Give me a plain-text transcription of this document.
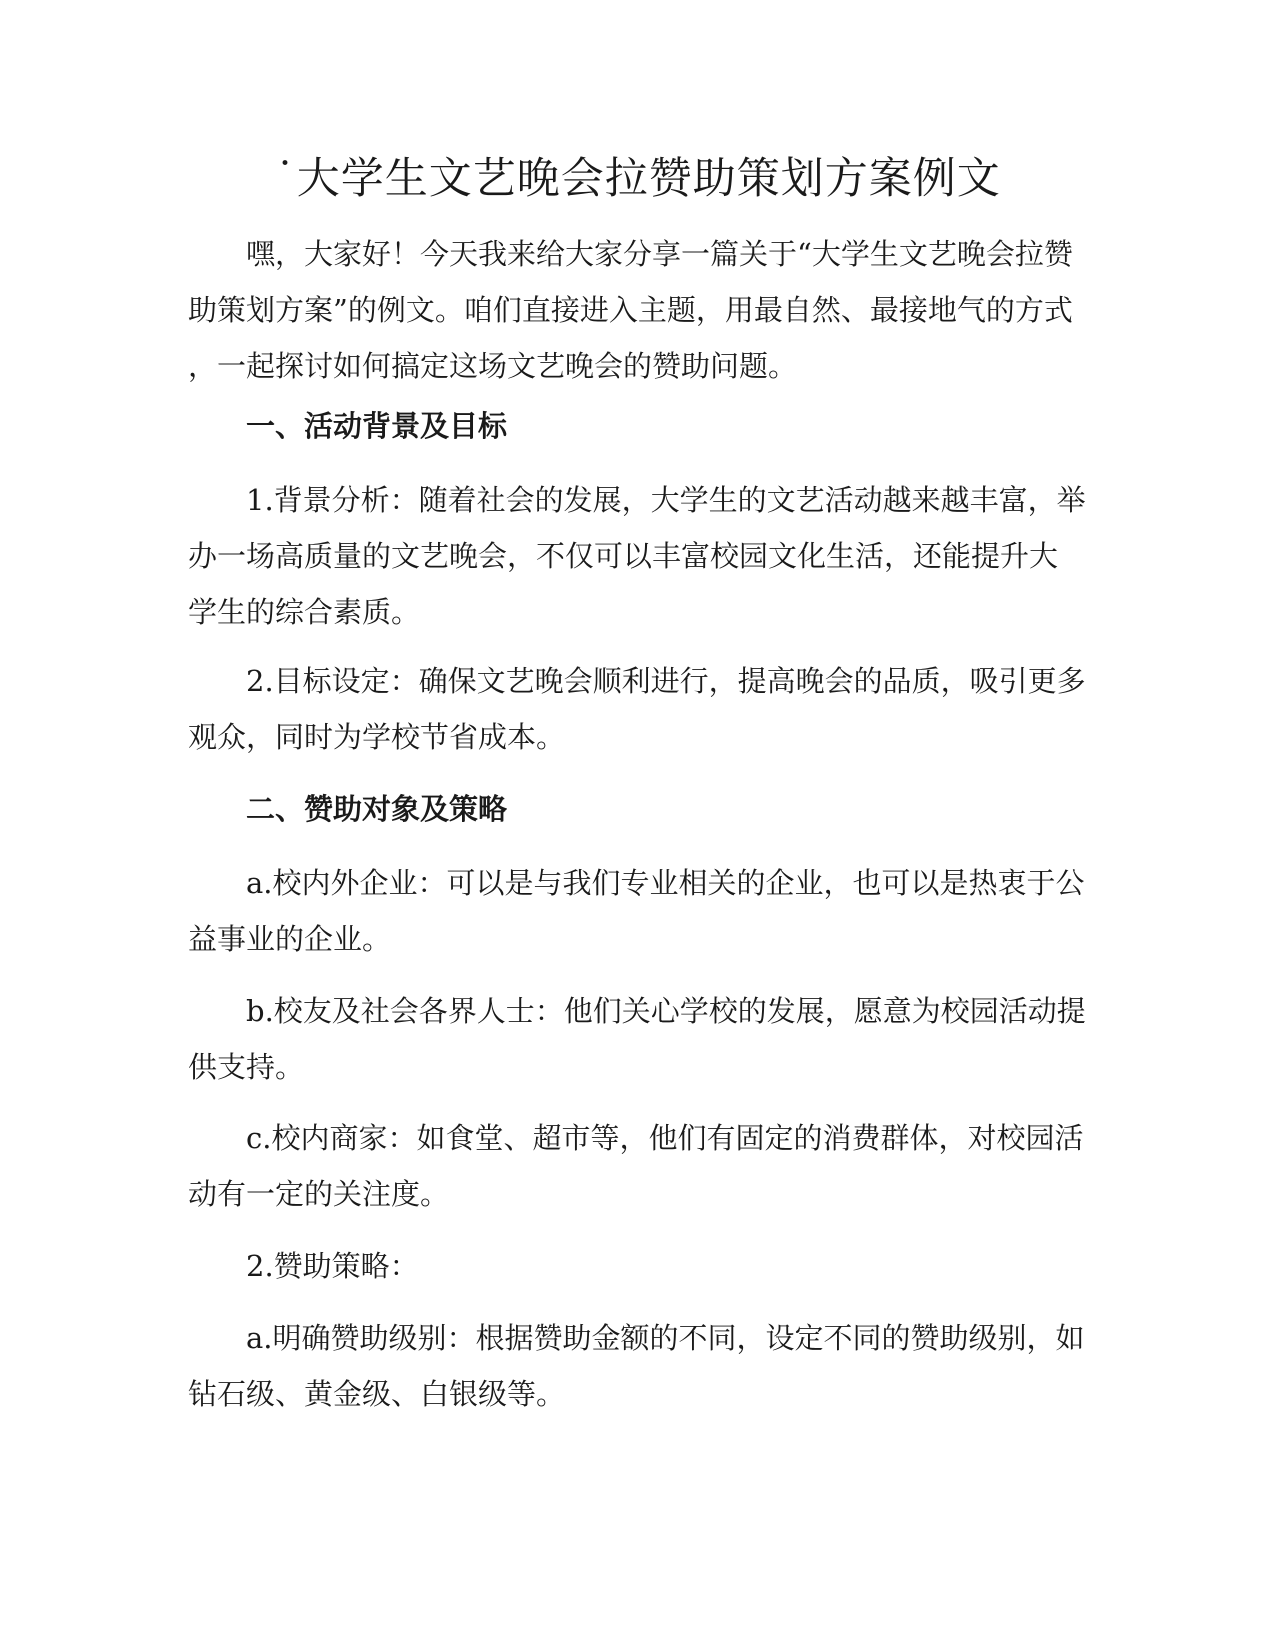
˙大学生文艺晚会拉赞助策划方案例文
嘿，大家好！今天我来给大家分享一篇关于“大学生文艺晚会拉赞
助策划方案”的例文。咱们直接进入主题，用最自然、最接地气的方式
，一起探讨如何搞定这场文艺晚会的赞助问题。
一、活动背景及目标
1.背景分析：随着社会的发展，大学生的文艺活动越来越丰富，举
办一场高质量的文艺晚会，不仅可以丰富校园文化生活，还能提升大
学生的综合素质。
2.目标设定：确保文艺晚会顺利进行，提高晚会的品质，吸引更多
观众，同时为学校节省成本。
二、赞助对象及策略
a.校内外企业：可以是与我们专业相关的企业，也可以是热衷于公
益事业的企业。
b.校友及社会各界人士：他们关心学校的发展，愿意为校园活动提
供支持。
c.校内商家：如食堂、超市等，他们有固定的消费群体，对校园活
动有一定的关注度。
2.赞助策略：
a.明确赞助级别：根据赞助金额的不同，设定不同的赞助级别，如
钻石级、黄金级、白银级等。
